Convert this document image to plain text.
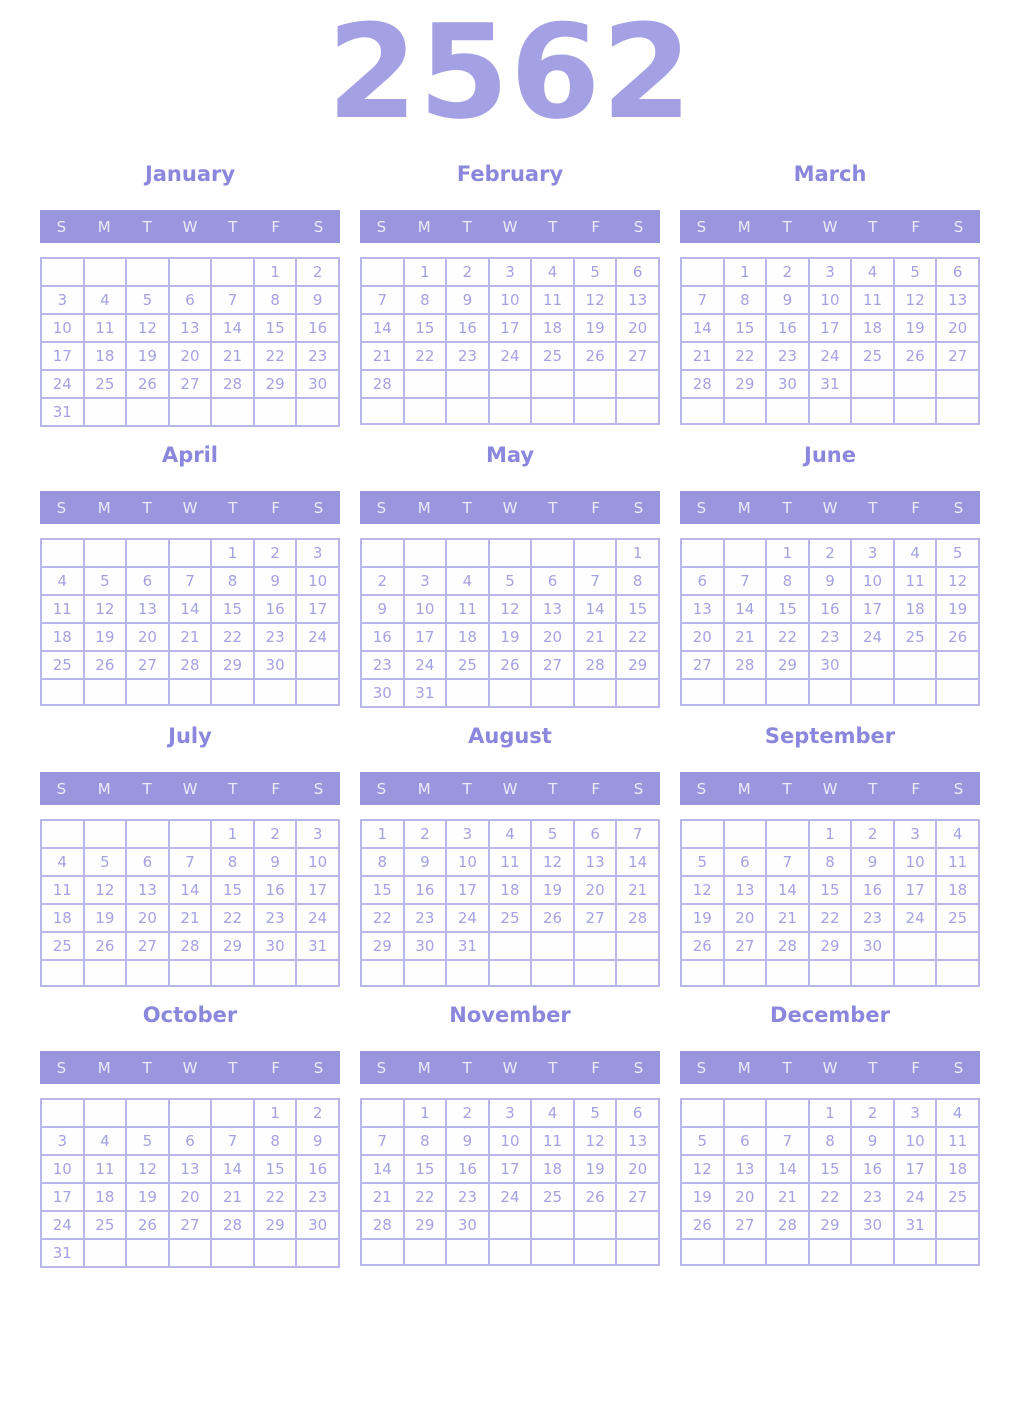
2562
January
S	M	T	W	T	F	S
					1	2
3	4	5	6	7	8	9
10	11	12	13	14	15	16
17	18	19	20	21	22	23
24	25	26	27	28	29	30
31						
February
S	M	T	W	T	F	S
	1	2	3	4	5	6
7	8	9	10	11	12	13
14	15	16	17	18	19	20
21	22	23	24	25	26	27
28						

March
S	M	T	W	T	F	S
	1	2	3	4	5	6
7	8	9	10	11	12	13
14	15	16	17	18	19	20
21	22	23	24	25	26	27
28	29	30	31			

April
S	M	T	W	T	F	S
				1	2	3
4	5	6	7	8	9	10
11	12	13	14	15	16	17
18	19	20	21	22	23	24
25	26	27	28	29	30	

May
S	M	T	W	T	F	S
						1
2	3	4	5	6	7	8
9	10	11	12	13	14	15
16	17	18	19	20	21	22
23	24	25	26	27	28	29
30	31					
June
S	M	T	W	T	F	S
		1	2	3	4	5
6	7	8	9	10	11	12
13	14	15	16	17	18	19
20	21	22	23	24	25	26
27	28	29	30			

July
S	M	T	W	T	F	S
				1	2	3
4	5	6	7	8	9	10
11	12	13	14	15	16	17
18	19	20	21	22	23	24
25	26	27	28	29	30	31

August
S	M	T	W	T	F	S
1	2	3	4	5	6	7
8	9	10	11	12	13	14
15	16	17	18	19	20	21
22	23	24	25	26	27	28
29	30	31				

September
S	M	T	W	T	F	S
			1	2	3	4
5	6	7	8	9	10	11
12	13	14	15	16	17	18
19	20	21	22	23	24	25
26	27	28	29	30		

October
S	M	T	W	T	F	S
					1	2
3	4	5	6	7	8	9
10	11	12	13	14	15	16
17	18	19	20	21	22	23
24	25	26	27	28	29	30
31						
November
S	M	T	W	T	F	S
	1	2	3	4	5	6
7	8	9	10	11	12	13
14	15	16	17	18	19	20
21	22	23	24	25	26	27
28	29	30				

December
S	M	T	W	T	F	S
			1	2	3	4
5	6	7	8	9	10	11
12	13	14	15	16	17	18
19	20	21	22	23	24	25
26	27	28	29	30	31	
